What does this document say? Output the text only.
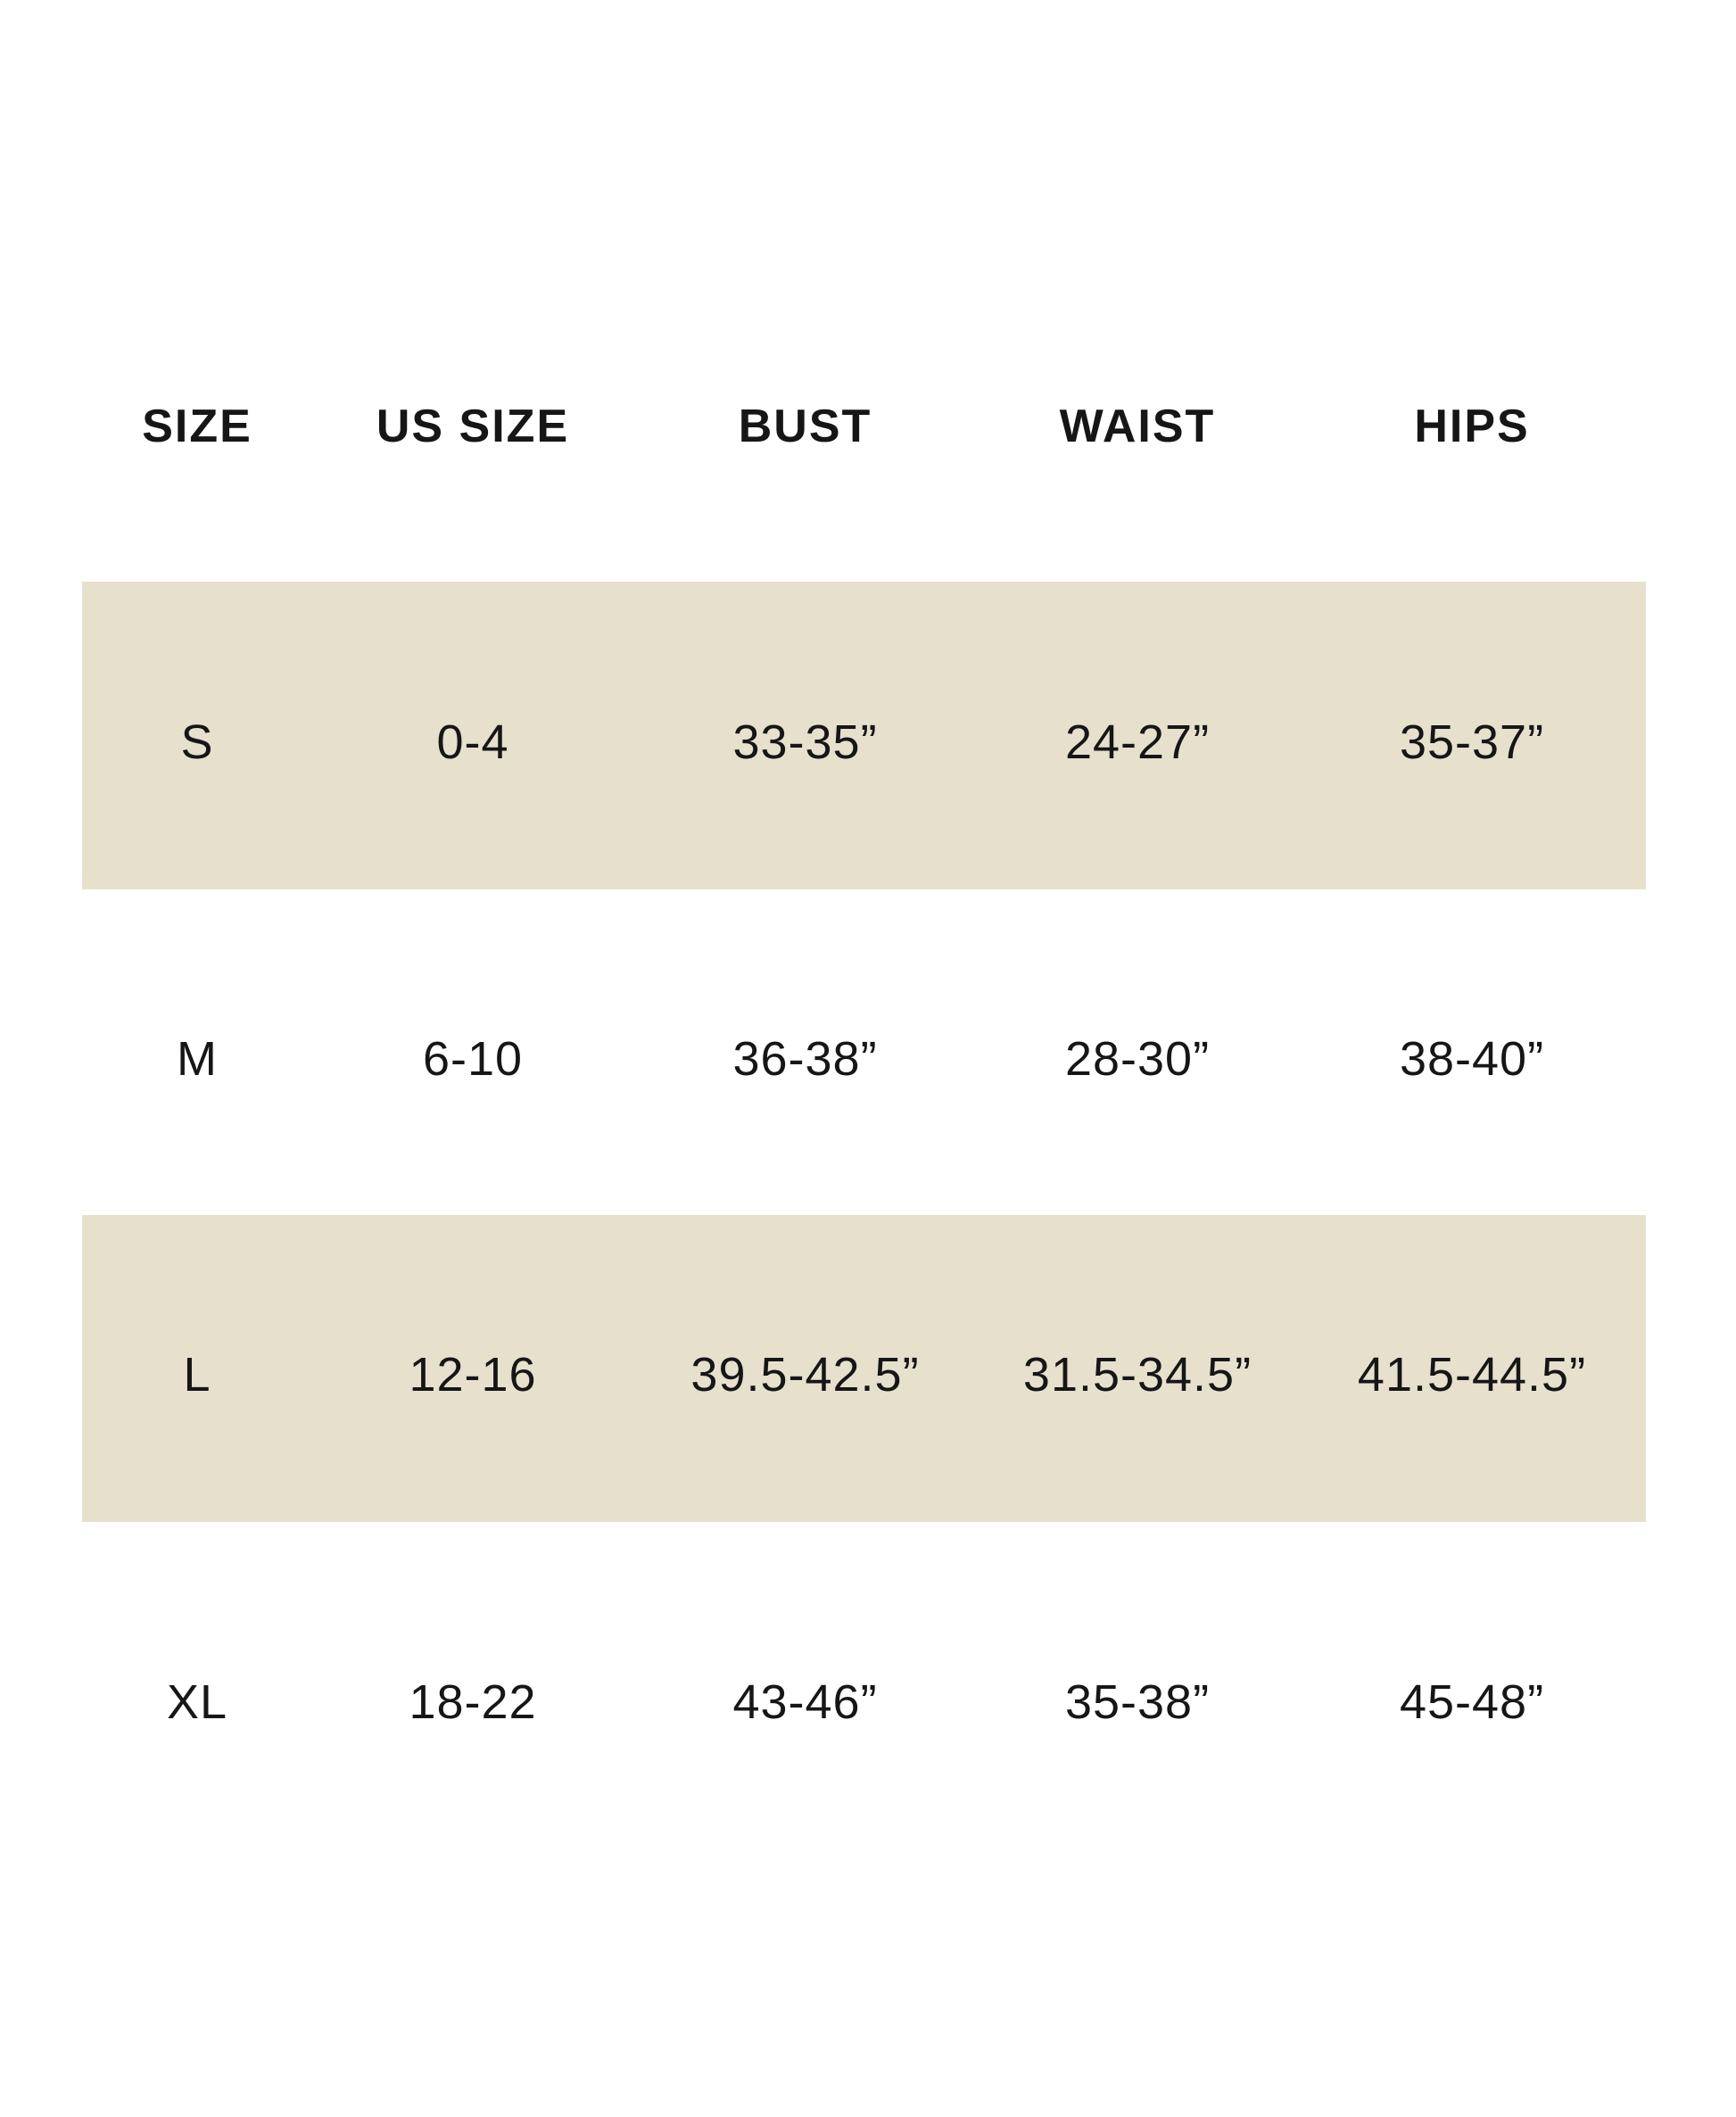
SIZE	US SIZE	BUST	WAIST	HIPS
S	0-4	33-35”	24-27”	35-37”
M	6-10	36-38”	28-30”	38-40”
L	12-16	39.5-42.5” 31.5-34.5” 41.5-44.5”
XL	18-22	43-46”	35-38”	45-48”
